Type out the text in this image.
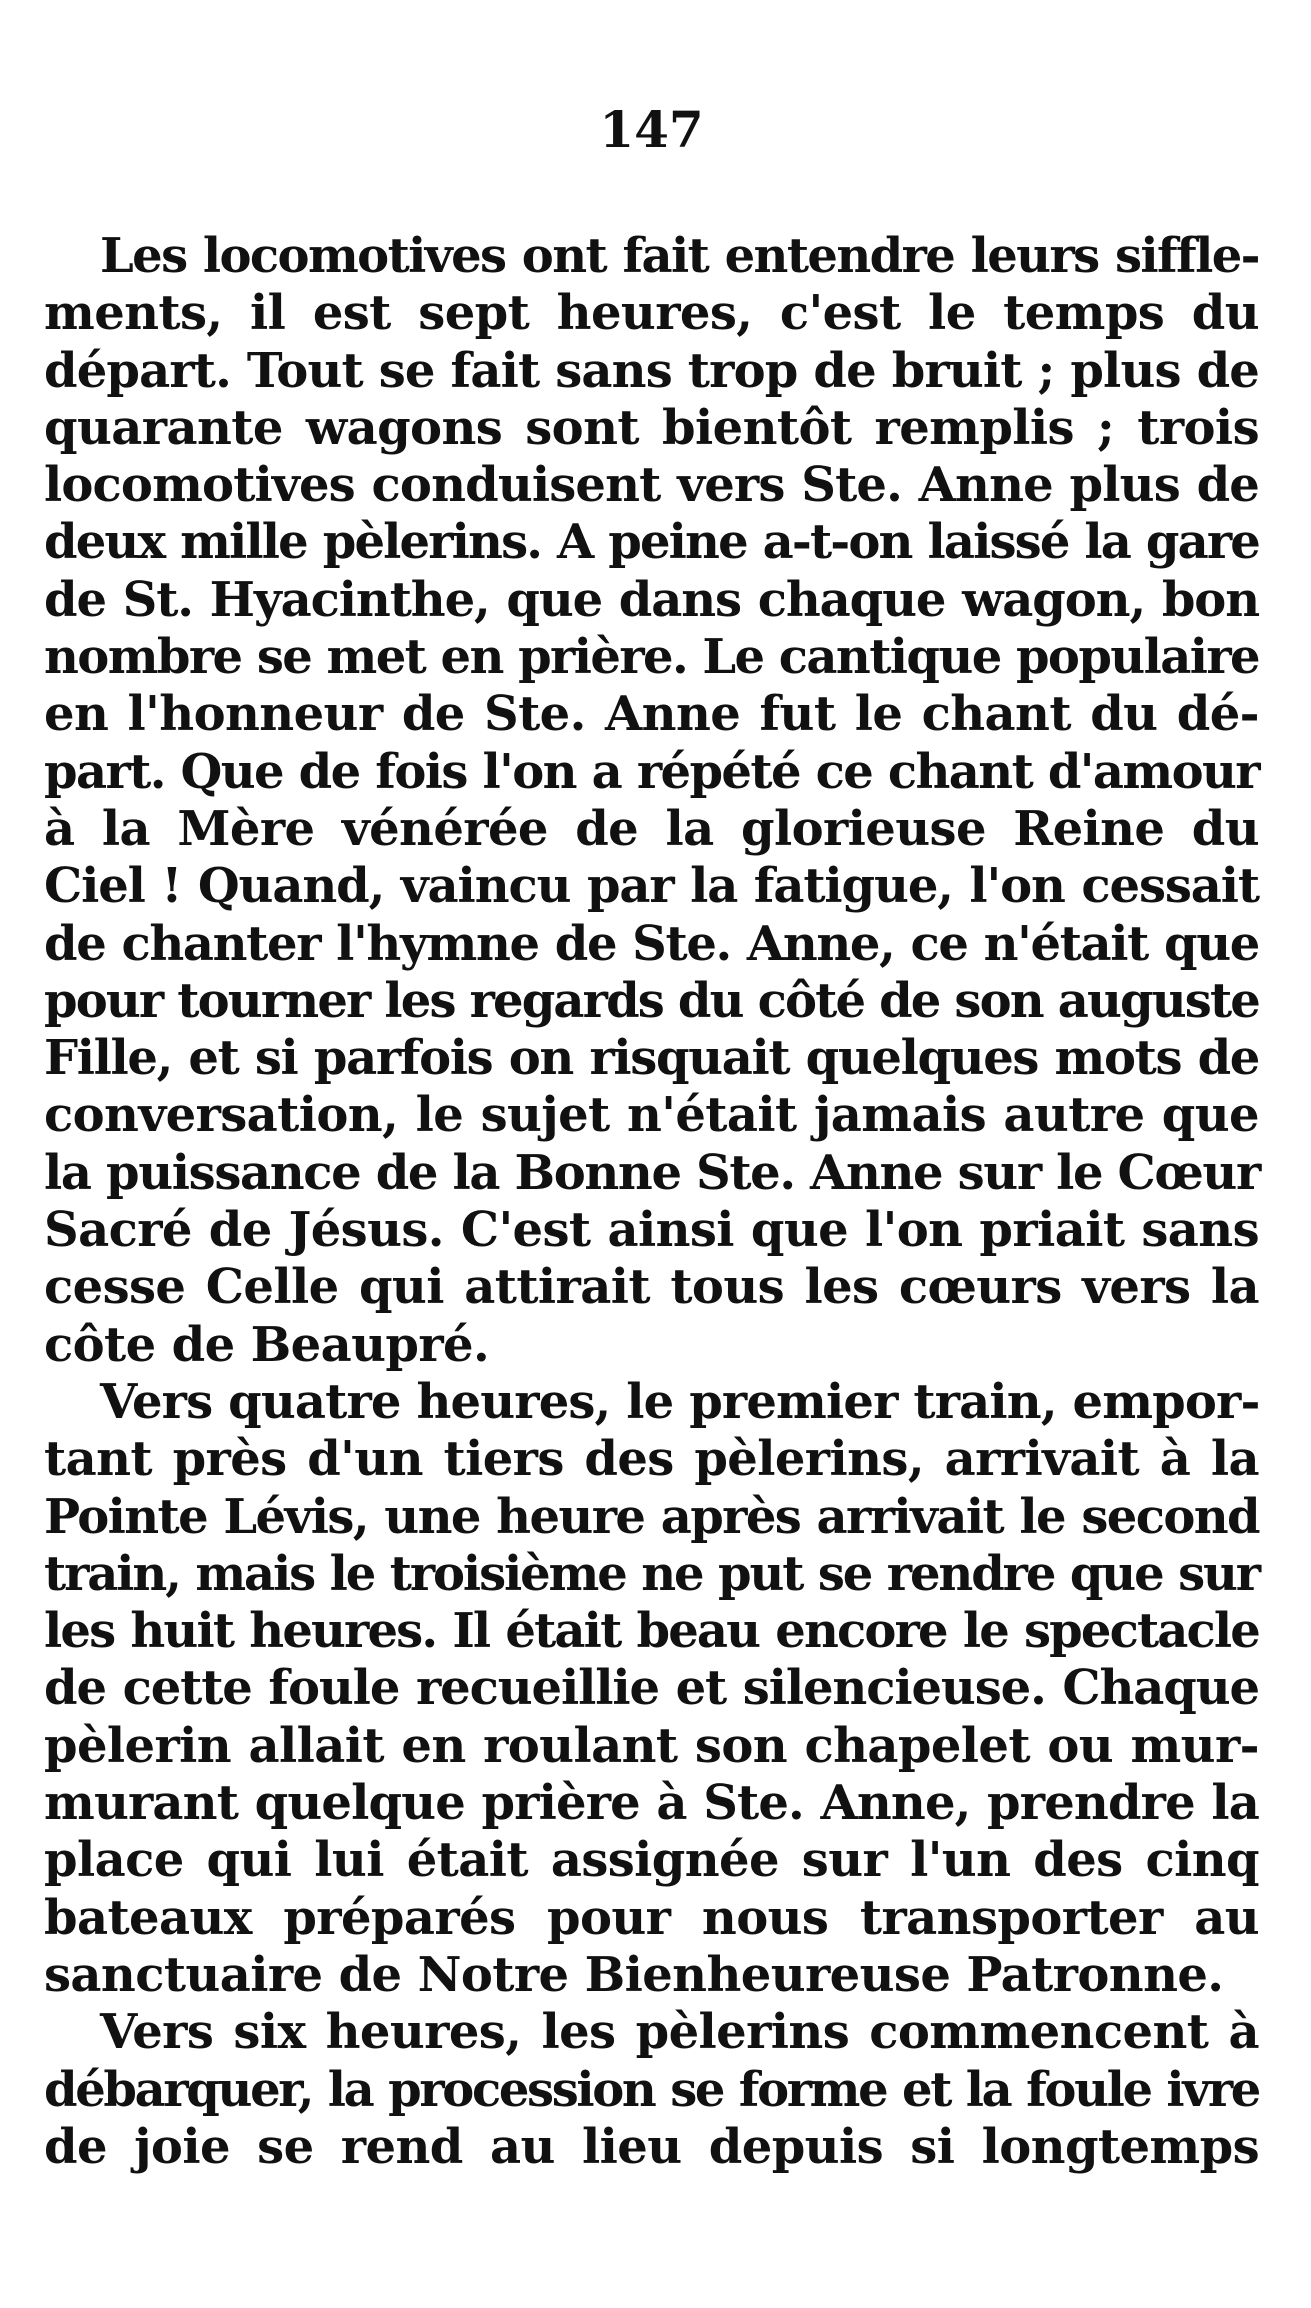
147
Les locomotives ont fait entendre leurs siffle-
ments, il est sept heures, c'est le temps du
départ. Tout se fait sans trop de bruit ; plus de
quarante wagons sont bientôt remplis ; trois
locomotives conduisent vers Ste. Anne plus de
deux mille pèlerins. A peine a-t-on laissé la gare
de St. Hyacinthe, que dans chaque wagon, bon
nombre se met en prière. Le cantique populaire
en l'honneur de Ste. Anne fut le chant du dé-
part. Que de fois l'on a répété ce chant d'amour
à la Mère vénérée de la glorieuse Reine du
Ciel ! Quand, vaincu par la fatigue, l'on cessait
de chanter l'hymne de Ste. Anne, ce n'était que
pour tourner les regards du côté de son auguste
Fille, et si parfois on risquait quelques mots de
conversation, le sujet n'était jamais autre que
la puissance de la Bonne Ste. Anne sur le Cœur
Sacré de Jésus. C'est ainsi que l'on priait sans
cesse Celle qui attirait tous les cœurs vers la
côte de Beaupré.
Vers quatre heures, le premier train, empor-
tant près d'un tiers des pèlerins, arrivait à la
Pointe Lévis, une heure après arrivait le second
train, mais le troisième ne put se rendre que sur
les huit heures. Il était beau encore le spectacle
de cette foule recueillie et silencieuse. Chaque
pèlerin allait en roulant son chapelet ou mur-
murant quelque prière à Ste. Anne, prendre la
place qui lui était assignée sur l'un des cinq
bateaux préparés pour nous transporter au
sanctuaire de Notre Bienheureuse Patronne.
Vers six heures, les pèlerins commencent à
débarquer, la procession se forme et la foule ivre
de joie se rend au lieu depuis si longtemps
